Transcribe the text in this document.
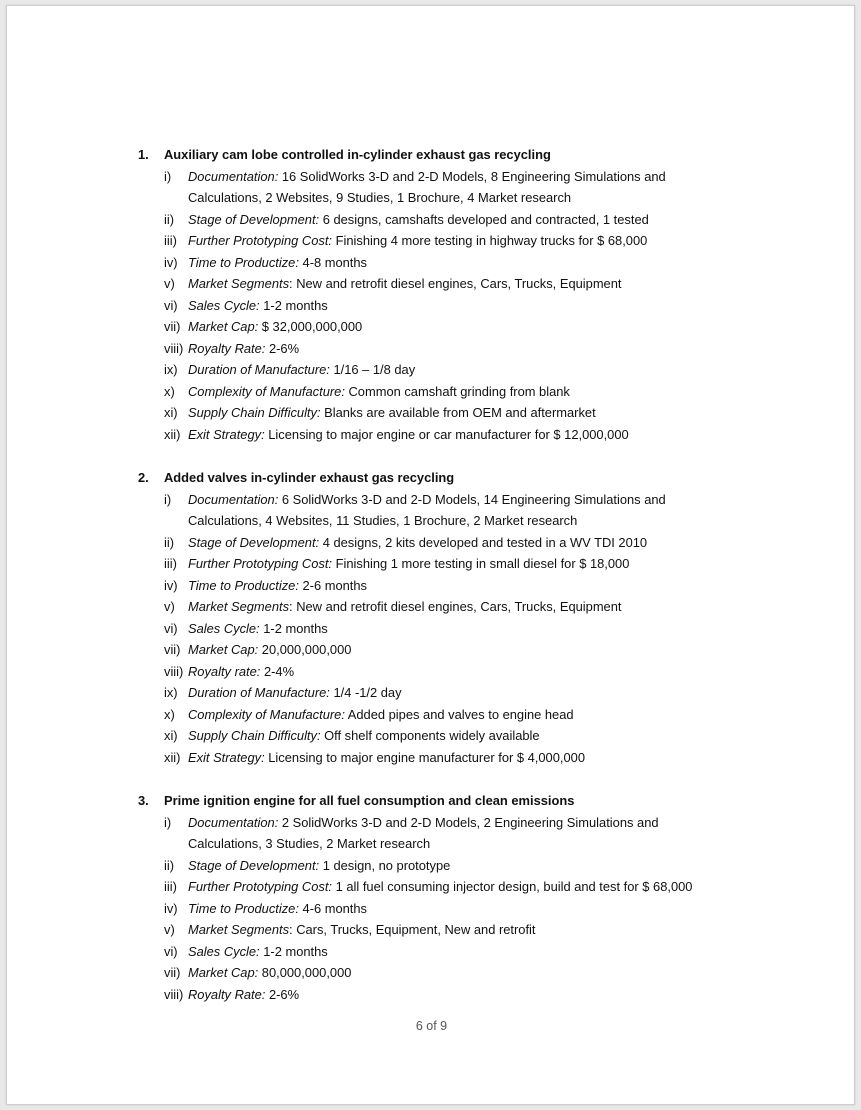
1.	Auxiliary cam lobe controlled in-cylinder exhaust gas recycling
i)	Documentation: 16 SolidWorks 3-D and 2-D Models, 8 Engineering Simulations and Calculations, 2 Websites, 9 Studies, 1 Brochure, 4 Market research
ii)	Stage of Development: 6 designs, camshafts developed and contracted, 1 tested
iii) Further Prototyping Cost: Finishing 4 more testing in highway trucks for $ 68,000
iv) Time to Productize: 4-8 months
v)	Market Segments: New and retrofit diesel engines, Cars, Trucks, Equipment
vi) Sales Cycle: 1-2 months
vii) Market Cap: $ 32,000,000,000
viii) Royalty Rate: 2-6%
ix) Duration of Manufacture: 1/16 – 1/8 day
x)	Complexity of Manufacture: Common camshaft grinding from blank
xi) Supply Chain Difficulty: Blanks are available from OEM and aftermarket
xii) Exit Strategy: Licensing to major engine or car manufacturer for $ 12,000,000
2.	Added valves in-cylinder exhaust gas recycling
i)	Documentation: 6 SolidWorks 3-D and 2-D Models, 14 Engineering Simulations and Calculations, 4 Websites, 11 Studies, 1 Brochure, 2 Market research
ii)	Stage of Development: 4 designs, 2 kits developed and tested in a WV TDI 2010
iii) Further Prototyping Cost: Finishing 1 more testing in small diesel for $ 18,000
iv) Time to Productize: 2-6 months
v)	Market Segments: New and retrofit diesel engines, Cars, Trucks, Equipment
vi) Sales Cycle: 1-2 months
vii) Market Cap: 20,000,000,000
viii) Royalty rate: 2-4%
ix) Duration of Manufacture: 1/4 -1/2 day
x)	Complexity of Manufacture: Added pipes and valves to engine head
xi) Supply Chain Difficulty: Off shelf components widely available
xii) Exit Strategy: Licensing to major engine manufacturer for $ 4,000,000
3.	Prime ignition engine for all fuel consumption and clean emissions
i)	Documentation: 2 SolidWorks 3-D and 2-D Models, 2 Engineering Simulations and Calculations, 3 Studies, 2 Market research
ii)	Stage of Development: 1 design, no prototype
iii) Further Prototyping Cost: 1 all fuel consuming injector design, build and test for $ 68,000
iv) Time to Productize: 4-6 months
v)	Market Segments: Cars, Trucks, Equipment, New and retrofit
vi) Sales Cycle: 1-2 months
vii) Market Cap: 80,000,000,000
viii) Royalty Rate: 2-6%
6 of 9
